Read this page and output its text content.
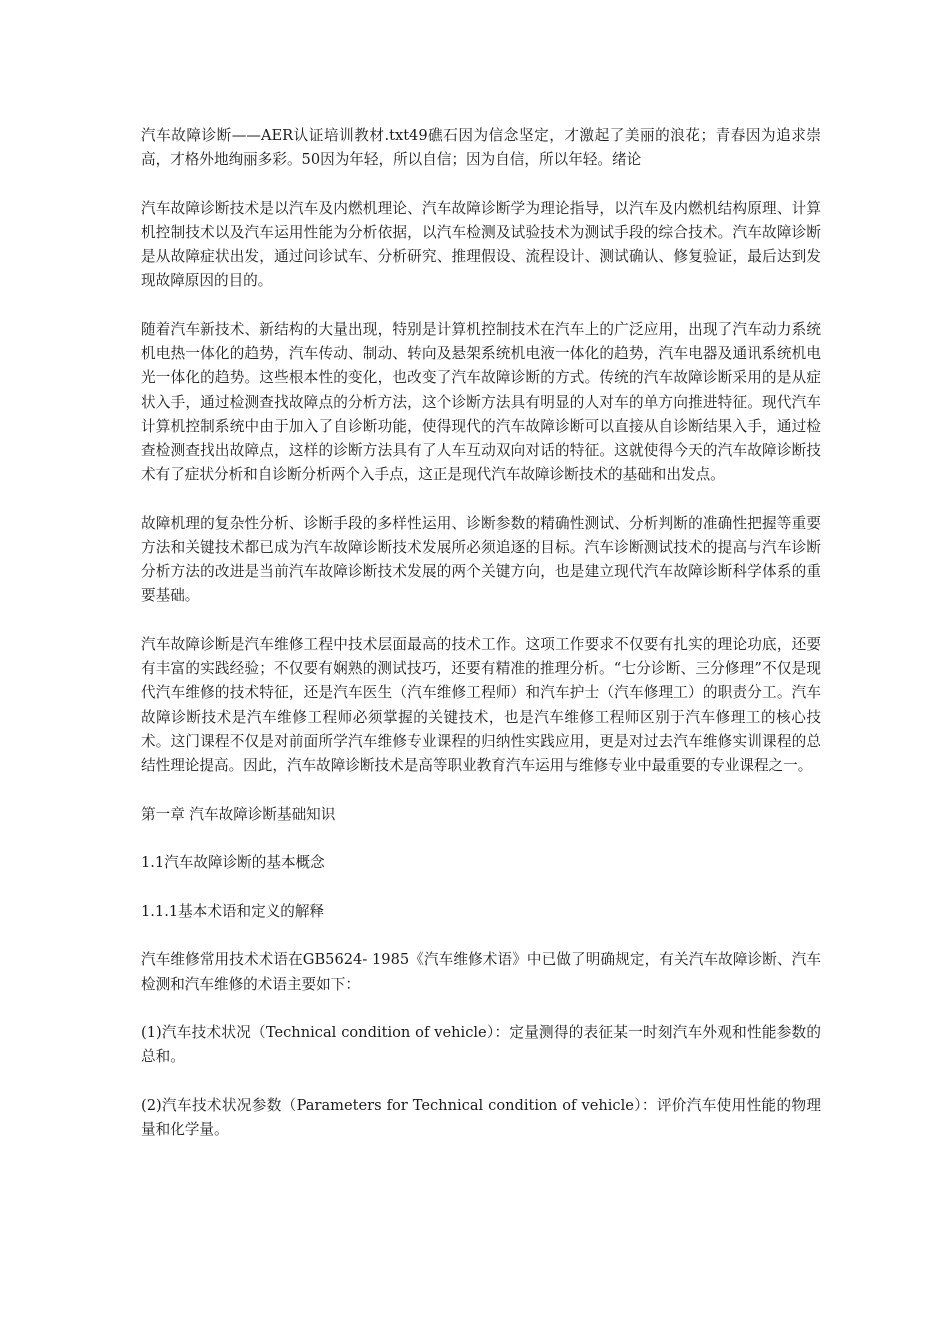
汽车故障诊断——AER认证培训教材.txt49礁石因为信念坚定，才激起了美丽的浪花；青春因为追求崇高，才格外地绚丽多彩。50因为年轻，所以自信；因为自信，所以年轻。绪论

汽车故障诊断技术是以汽车及内燃机理论、汽车故障诊断学为理论指导，以汽车及内燃机结构原理、计算机控制技术以及汽车运用性能为分析依据，以汽车检测及试验技术为测试手段的综合技术。汽车故障诊断是从故障症状出发，通过问诊试车、分析研究、推理假设、流程设计、测试确认、修复验证，最后达到发现故障原因的目的。

随着汽车新技术、新结构的大量出现，特别是计算机控制技术在汽车上的广泛应用，出现了汽车动力系统机电热一体化的趋势，汽车传动、制动、转向及悬架系统机电液一体化的趋势，汽车电器及通讯系统机电光一体化的趋势。这些根本性的变化，也改变了汽车故障诊断的方式。传统的汽车故障诊断采用的是从症状入手，通过检测查找故障点的分析方法，这个诊断方法具有明显的人对车的单方向推进特征。现代汽车计算机控制系统中由于加入了自诊断功能，使得现代的汽车故障诊断可以直接从自诊断结果入手，通过检查检测查找出故障点，这样的诊断方法具有了人车互动双向对话的特征。这就使得今天的汽车故障诊断技术有了症状分析和自诊断分析两个入手点，这正是现代汽车故障诊断技术的基础和出发点。

故障机理的复杂性分析、诊断手段的多样性运用、诊断参数的精确性测试、分析判断的准确性把握等重要方法和关键技术都已成为汽车故障诊断技术发展所必须追逐的目标。汽车诊断测试技术的提高与汽车诊断分析方法的改进是当前汽车故障诊断技术发展的两个关键方向，也是建立现代汽车故障诊断科学体系的重要基础。

汽车故障诊断是汽车维修工程中技术层面最高的技术工作。这项工作要求不仅要有扎实的理论功底，还要有丰富的实践经验；不仅要有娴熟的测试技巧，还要有精准的推理分析。“七分诊断、三分修理”不仅是现代汽车维修的技术特征，还是汽车医生（汽车维修工程师）和汽车护士（汽车修理工）的职责分工。汽车故障诊断技术是汽车维修工程师必须掌握的关键技术，也是汽车维修工程师区别于汽车修理工的核心技术。这门课程不仅是对前面所学汽车维修专业课程的归纳性实践应用，更是对过去汽车维修实训课程的总结性理论提高。因此，汽车故障诊断技术是高等职业教育汽车运用与维修专业中最重要的专业课程之一。

第一章 汽车故障诊断基础知识

1.1汽车故障诊断的基本概念

1.1.1基本术语和定义的解释

汽车维修常用技术术语在GB5624- 1985《汽车维修术语》中已做了明确规定，有关汽车故障诊断、汽车检测和汽车维修的术语主要如下：

(1)汽车技术状况（Technical condition of vehicle）：定量测得的表征某一时刻汽车外观和性能参数的总和。

(2)汽车技术状况参数（Parameters for Technical condition of vehicle）：评价汽车使用性能的物理量和化学量。
